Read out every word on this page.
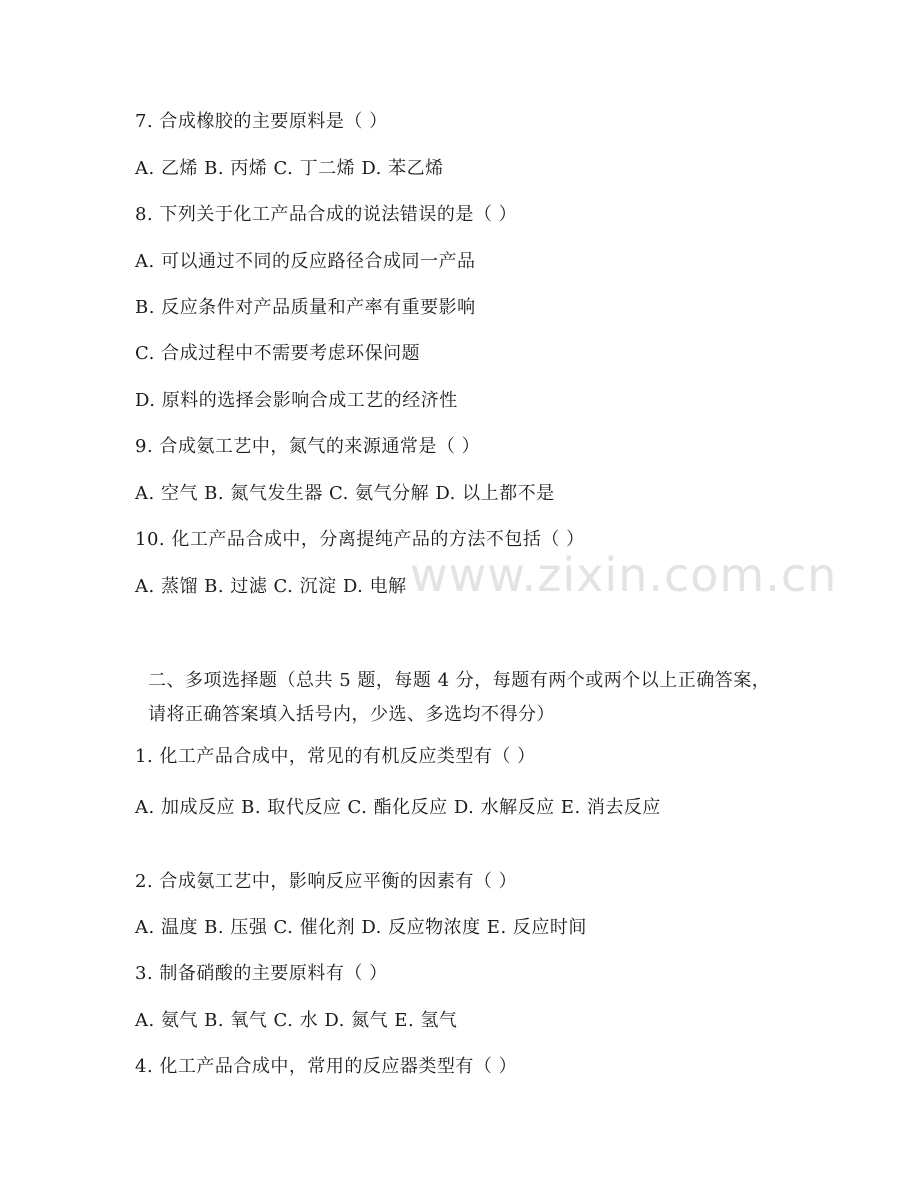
www.zixin.com.cn
7. 合成橡胶的主要原料是（ ）
A. 乙烯 B. 丙烯 C. 丁二烯 D. 苯乙烯
8. 下列关于化工产品合成的说法错误的是（ ）
A. 可以通过不同的反应路径合成同一产品
B. 反应条件对产品质量和产率有重要影响
C. 合成过程中不需要考虑环保问题
D. 原料的选择会影响合成工艺的经济性
9. 合成氨工艺中，氮气的来源通常是（ ）
A. 空气 B. 氮气发生器 C. 氨气分解 D. 以上都不是
10. 化工产品合成中，分离提纯产品的方法不包括（ ）
A. 蒸馏 B. 过滤 C. 沉淀 D. 电解
二、多项选择题（总共 5 题，每题 4 分，每题有两个或两个以上正确答案，请将正确答案填入括号内，少选、多选均不得分）
1. 化工产品合成中，常见的有机反应类型有（ ）
A. 加成反应 B. 取代反应 C. 酯化反应 D. 水解反应 E. 消去反应
2. 合成氨工艺中，影响反应平衡的因素有（ ）
A. 温度 B. 压强 C. 催化剂 D. 反应物浓度 E. 反应时间
3. 制备硝酸的主要原料有（ ）
A. 氨气 B. 氧气 C. 水 D. 氮气 E. 氢气
4. 化工产品合成中，常用的反应器类型有（ ）
